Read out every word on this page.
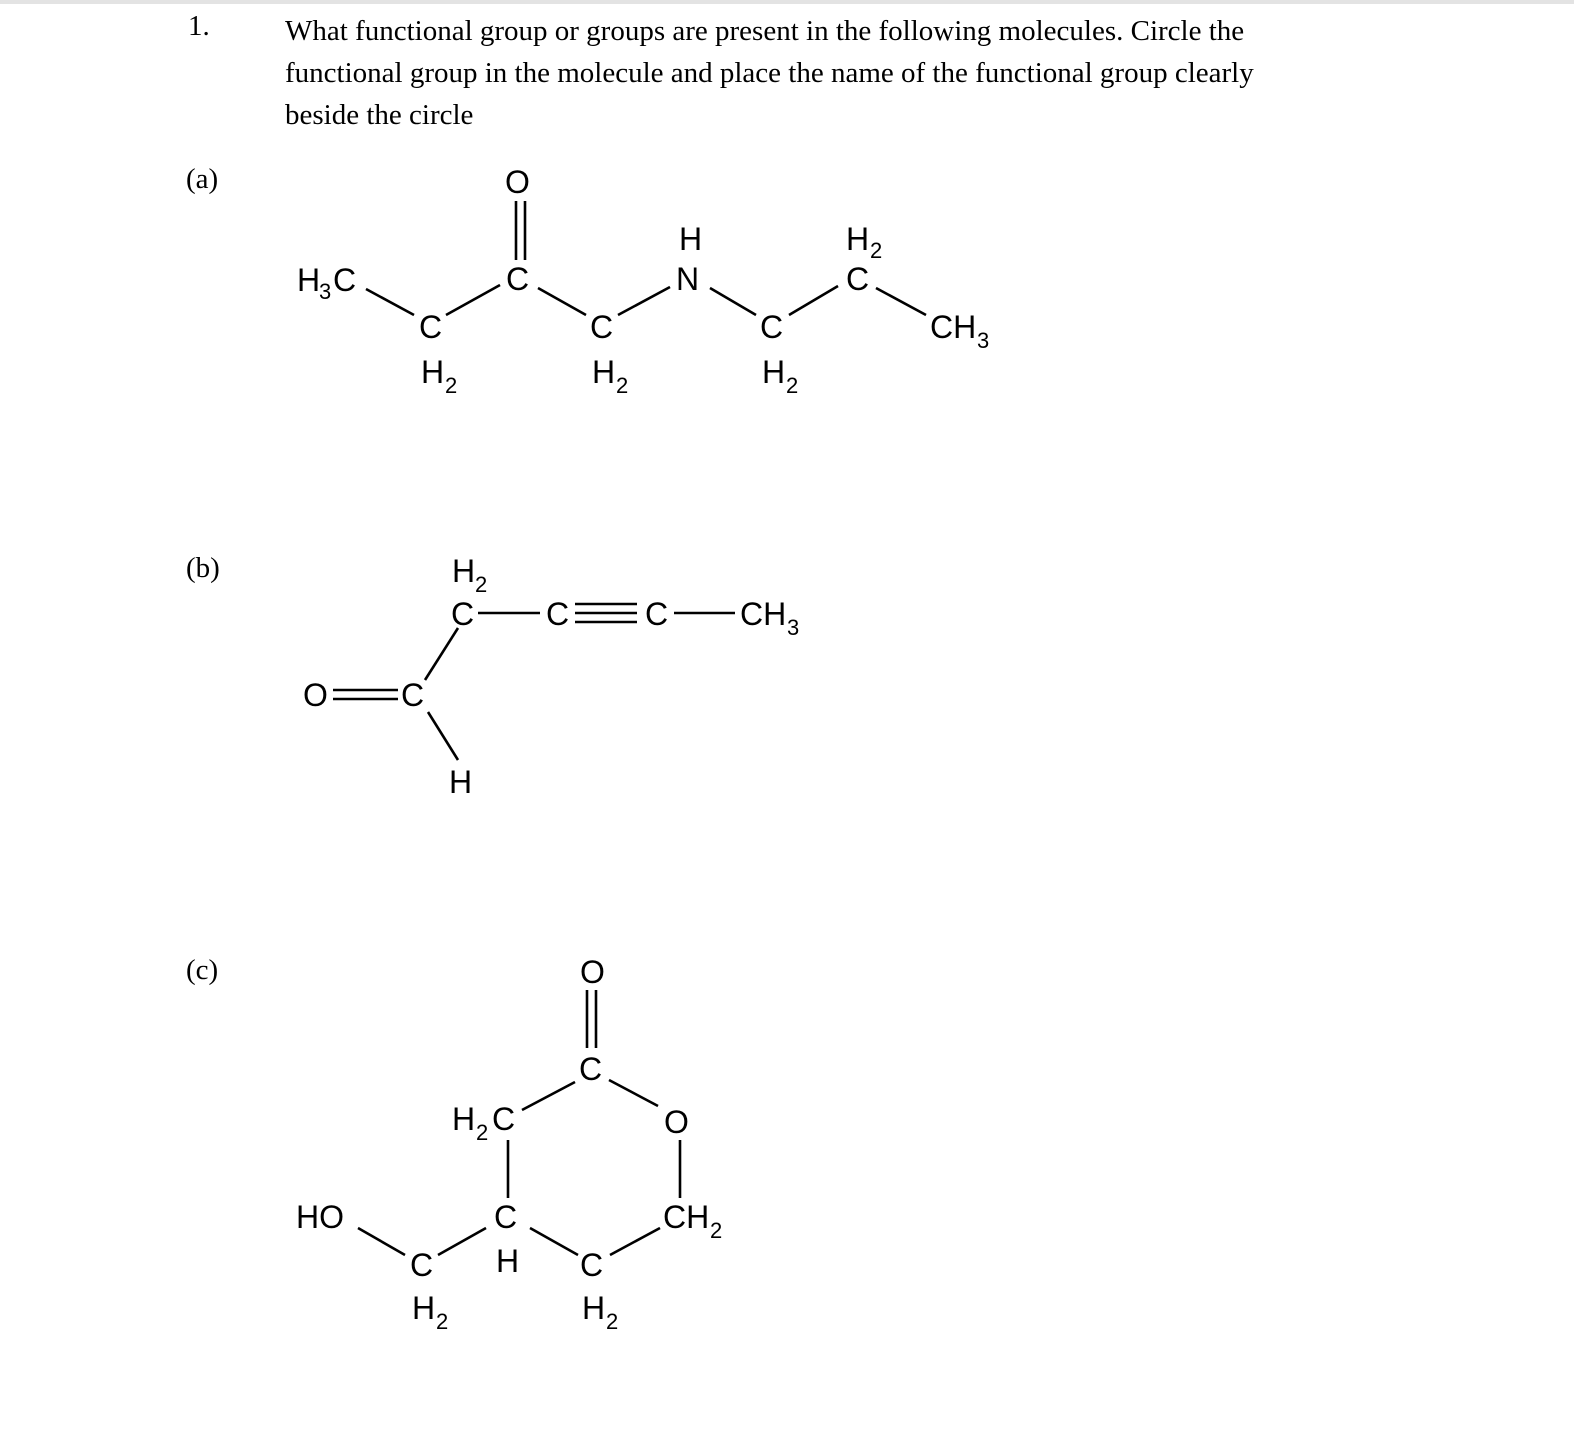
1.	What functional group or groups are present in the following molecules. Circle the
functional group in the molecule and place the name of the functional group clearly
beside the circle
(a)
(b)
(c)
H
3 C
C
H 2
O
C
C
H 2
H
N
C
H 2
H 2
C
CH 3
H 2
C C C CH 3
O C
H
O
C
H 2 C	O
HO	C
H
CH 2
C
H 2
C
H 2
